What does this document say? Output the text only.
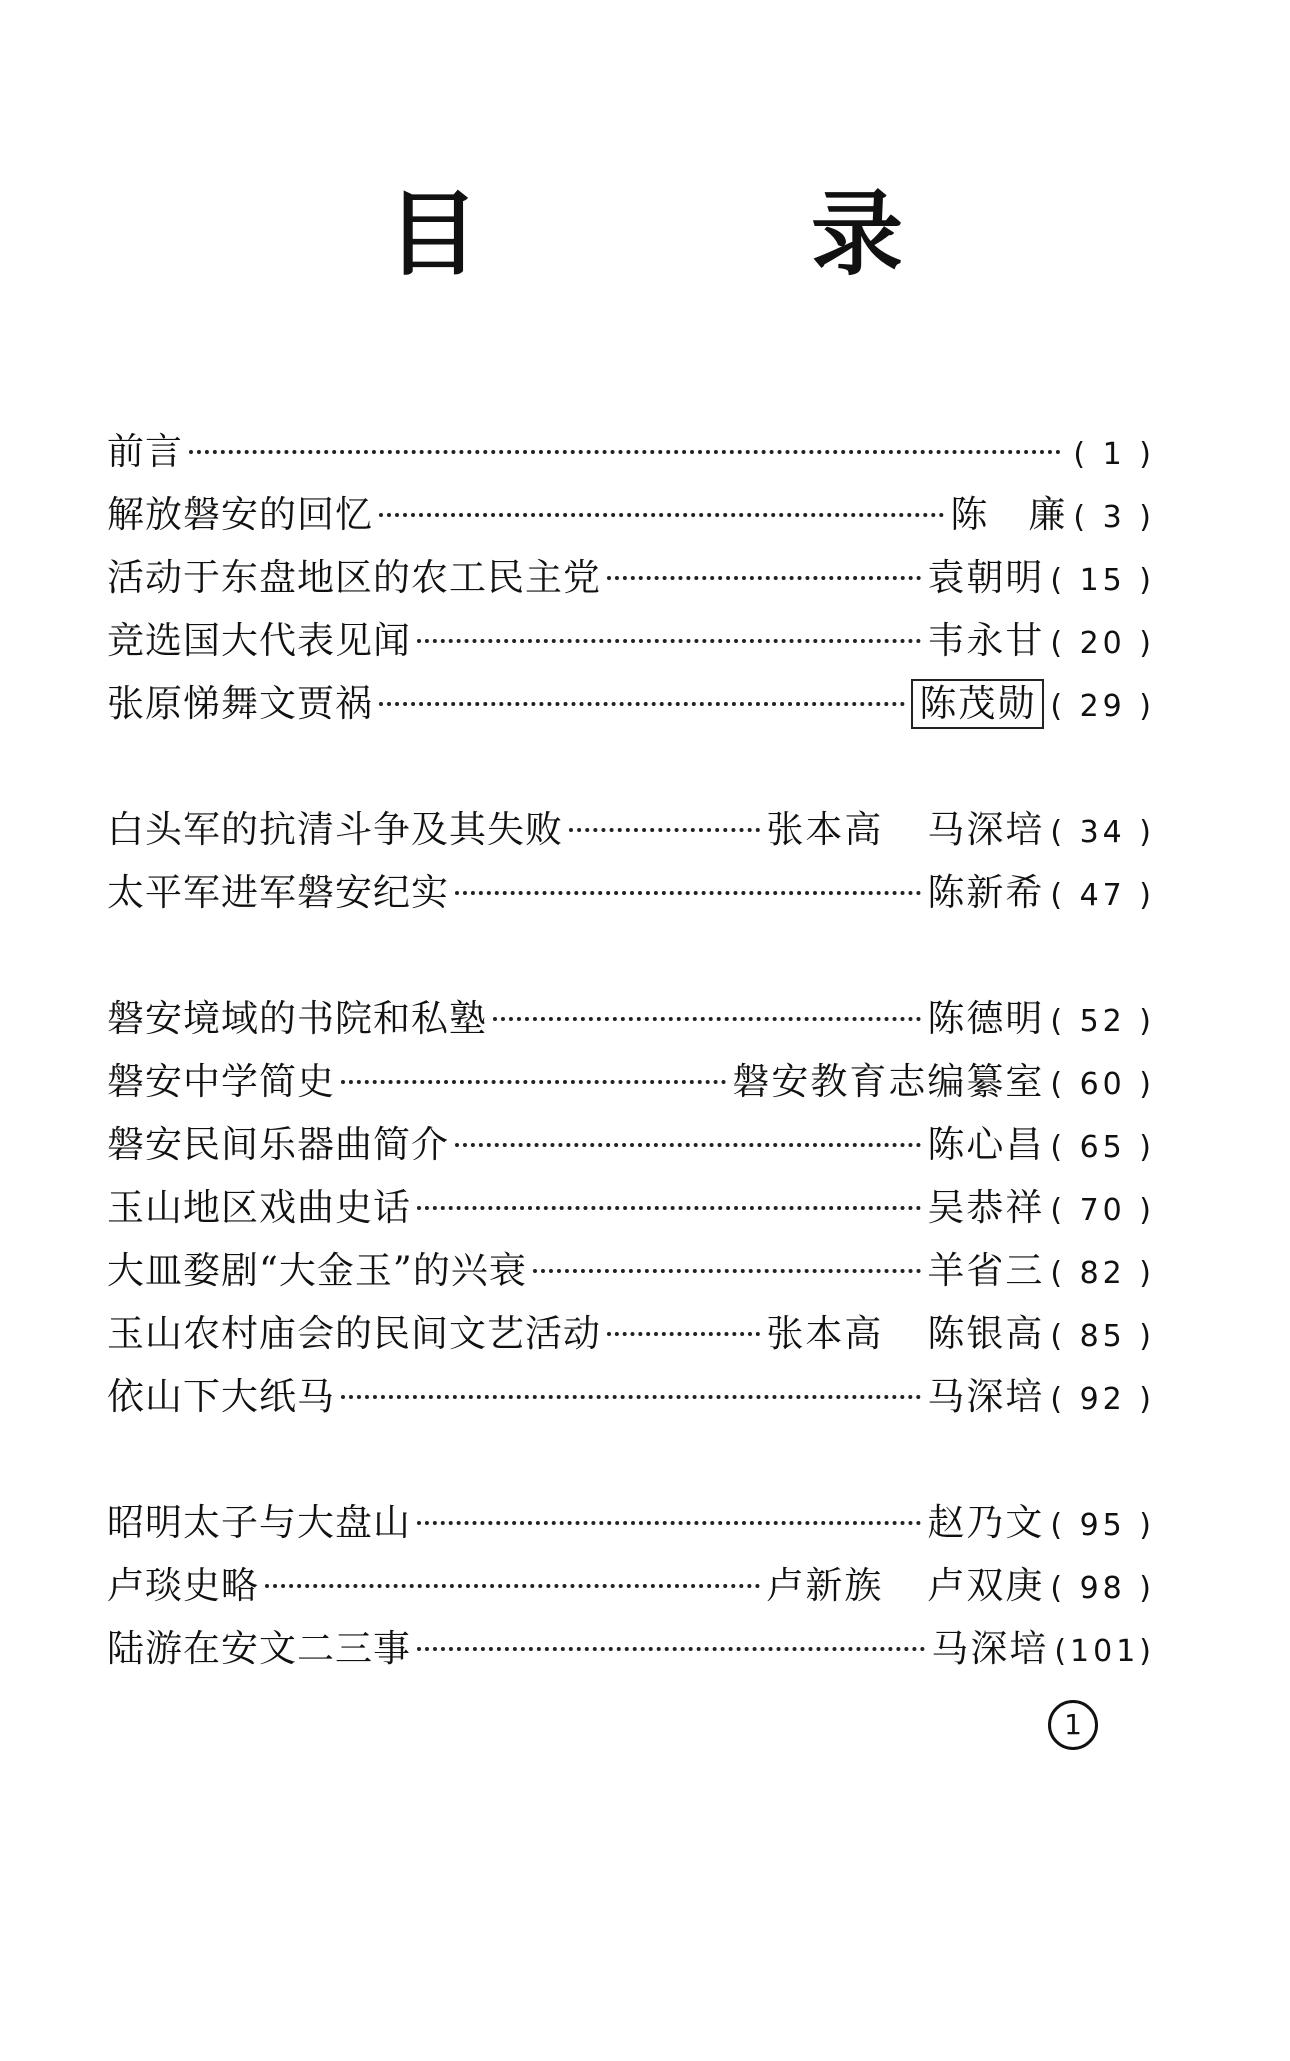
目 录
前言	( 1 )
解放磐安的回忆	陈　廉 ( 3 )
活动于东盘地区的农工民主党	袁朝明 ( 15 )
竞选国大代表见闻	韦永甘 ( 20 )
张原悌舞文贾祸	陈茂勋 ( 29 )
白头军的抗清斗争及其失败	张本高 马深培 ( 34 )
太平军进军磐安纪实	陈新希 ( 47 )
磐安境域的书院和私塾	陈德明 ( 52 )
磐安中学简史	磐安教育志编纂室 ( 60 )
磐安民间乐器曲简介	陈心昌 ( 65 )
玉山地区戏曲史话	吴恭祥 ( 70 )
大皿婺剧“大金玉”的兴衰	羊省三 ( 82 )
玉山农村庙会的民间文艺活动	张本高 陈银高 ( 85 )
依山下大纸马	马深培 ( 92 )
昭明太子与大盘山	赵乃文 ( 95 )
卢琰史略	卢新族 卢双庚 ( 98 )
陆游在安文二三事	马深培 (101)
1
